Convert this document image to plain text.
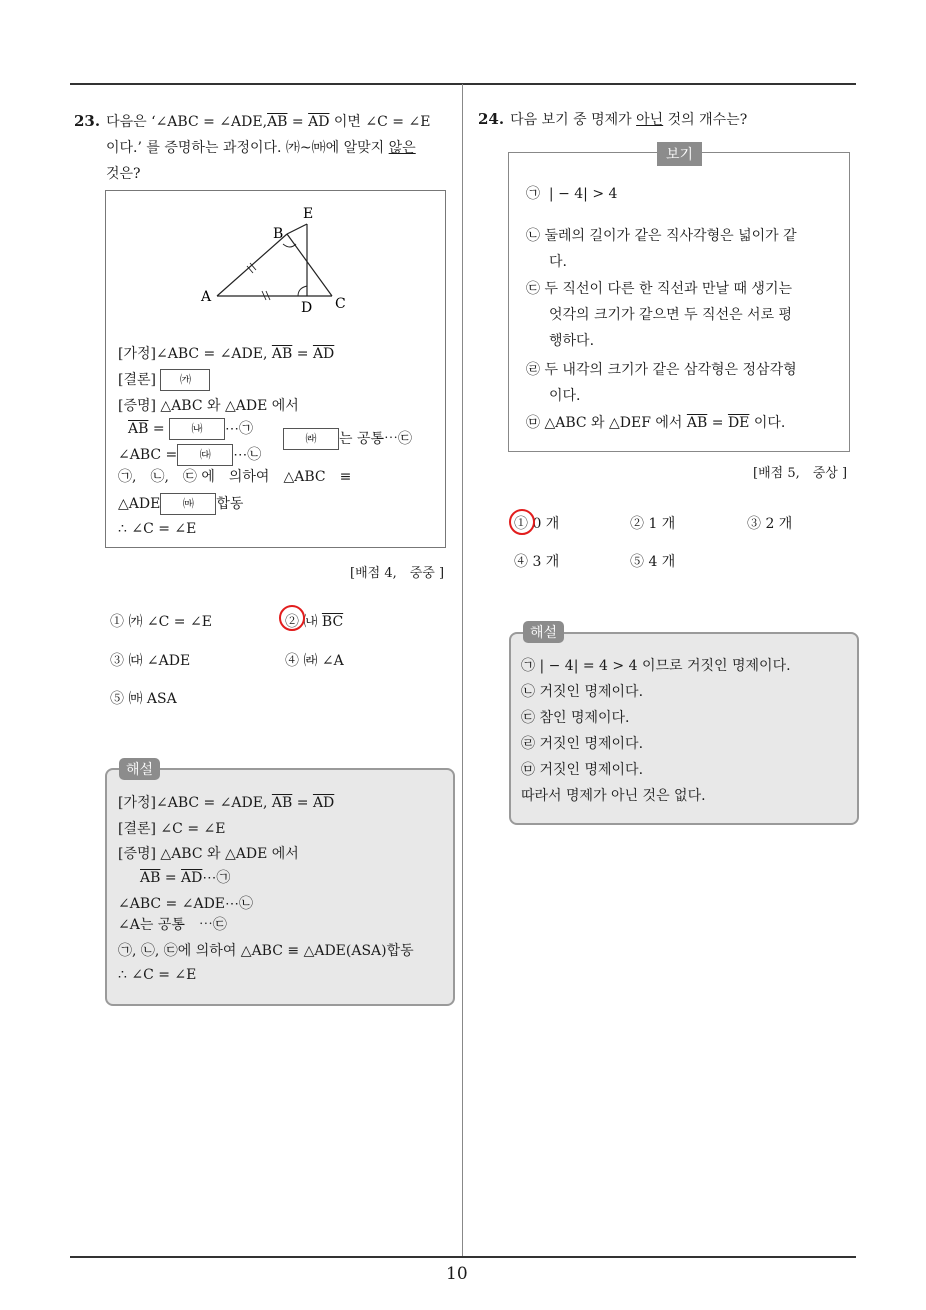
10
23. 다음은 ‘∠ABC = $\angle ADE,\overline{AB} = \overline{AD}$ 이면 ∠C = ∠E
이다.’ 를 증명하는 과정이다. ㈎~㈒에 알맞지 않은
것은?
E
B
A
D C
[가정]∠ABC = ∠ADE, $\overline{AB} = \overline{AD}$
[결론] ㈎
[증명] △ABC 와 △ADE 에서
$\overline{AB}$ = ㈏ ⋯㉠
㈑ 는 공통⋯㉢
∠ABC = ㈐ ⋯㉡
㉠,　㉡,　㉢ 에　의하여　△ABC　≡
△ADE ㈒ 합동
∴ ∠C = ∠E
[배점 4,　중중 ]
① ㈎ ∠C = ∠E	② ㈏ $\overline{BC}$
③ ㈐ ∠ADE	④ ㈑ ∠A
⑤ ㈒ ASA
해설
[가정]∠ABC = ∠ADE, $\overline{AB} = \overline{AD}$
[결론] ∠C = ∠E
[증명] △ABC 와 △ADE 에서
$\overline{AB}$ = $\overline{AD}\cdots㉠$
∠ABC = ∠ADE⋯㉡
∠A는 공통　⋯㉢
㉠, ㉡, ㉢에 의하여 △ABC ≡ △ADE(ASA)합동
∴ ∠C = ∠E
24. 다음 보기 중 명제가 아닌 것의 개수는?
보기
㉠ | − 4| > 4
㉡ 둘레의 길이가 같은 직사각형은 넓이가 같
다.
㉢ 두 직선이 다른 한 직선과 만날 때 생기는
엇각의 크기가 같으면 두 직선은 서로 평
행하다.
㉣ 두 내각의 크기가 같은 삼각형은 정삼각형
이다.
㉤ △ABC 와 △DEF 에서 $\overline{AB} = \overline{DE}$ 이다.
[배점 5,　중상 ]
① 0 개	② 1 개	③ 2 개
④ 3 개	⑤ 4 개
해설
㉠ | − 4| = 4 > 4 이므로 거짓인 명제이다.
㉡ 거짓인 명제이다.
㉢ 참인 명제이다.
㉣ 거짓인 명제이다.
㉤ 거짓인 명제이다.
따라서 명제가 아닌 것은 없다.
